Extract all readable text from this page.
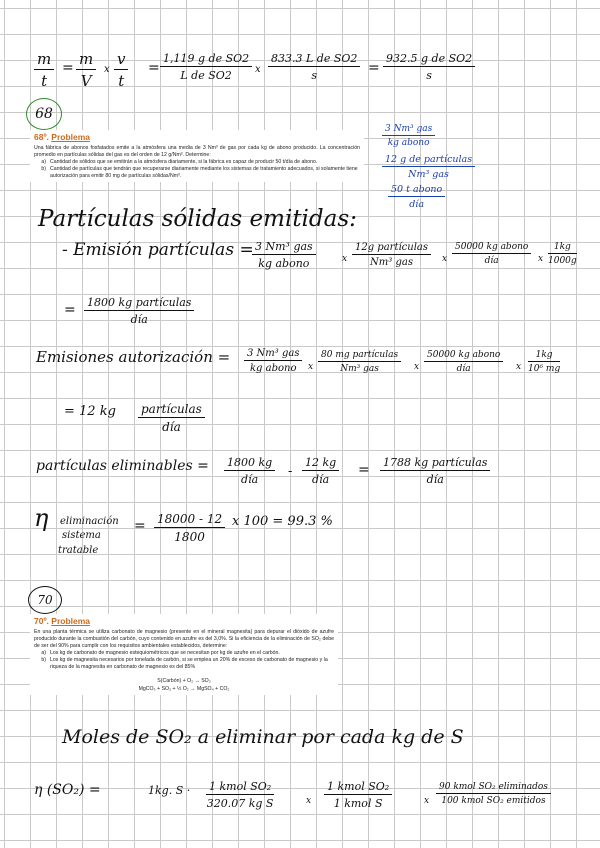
$\frac{m}{t} = \frac{m}{V}$ x $\frac{v}{t} = \frac{\text{1,119 g de SO2}}{\text{L de SO2}}$ x $\frac{\text{833.3 L de SO2}}{s} = \frac{\text{932.5 g de SO2}}{s}$
68
68º. Problema

Una fábrica de abonos fosfatados emite a la atmósfera una media de 3 Nm³ de gas por cada kg de abono producido. La concentración promedio en partículas sólidas del gas es del orden de 12 g/Nm³. Determine:

a) Cantidad de sólidos que se emitirán a la atmósfera diariamente, si la fábrica es capaz de producir 50 t/día de abono.
b) Cantidad de partículas que tendrán que recuperarse diariamente mediante los sistemas de tratamiento adecuados, si solamente tiene autorización para emitir 80 mg de partículas sólidas/Nm³.
3 Nm³ gas
kg abono
12 g de partículas
Nm³ gas
50 t abono
día
Partículas sólidas emitidas:
- Emisión partículas = 3 Nm³ gas
kg abono	x
12g partículas
Nm³ gas	x
50000 kg abono
día	x $\frac{1kg}{1000g}$
= 1800 kg partículas
día
Emisiones autorización =	3 Nm³ gas
kg abono	x
80 mg partículas
Nm³ gas	x
50000 kg abono
día	x $\frac{1kg}{\text{10⁶ mg}}$
= 12 kg partículas
día
partículas eliminables = 1800 kg
día
-
12 kg
día
= 1788 kg partículas
día
η eliminación
sistema
tratable
= $\frac{18000 - 12}{1800}$ x 100 = 99.3 %
70
70º. Problema

En una planta térmica se utiliza carbonato de magnesio (presente en el mineral magnesita) para depurar el dióxido de azufre producido durante la combustión del carbón, cuyo contenido en azufre es del 3,0%. Si la eficiencia de la eliminación de SO₂ debe de ser del 90% para cumplir con los requisitos ambientales establecidos, determine:

a) Los kg de carbonato de magnesio estequiométricos que se necesitan por kg de azufre en el carbón.
b) Los kg de magnesita necesarios por tonelada de carbón, si se emplea un 20% de exceso de carbonato de magnesio y la riqueza de la magnesita en carbonato de magnesio es del 85%
S(Carbón) + O₂ → SO₂
MgCO₃ + SO₂ + ½ O₂ → MgSO₄ + CO₂
Moles de SO₂ a eliminar por cada kg de S
η (SO₂) =	1kg. S · 1 kmol SO₂
320.07 kg S	x
1 kmol SO₂
1 kmol S	x
90 kmol SO₂ eliminados
100 kmol SO₂ emitidos
